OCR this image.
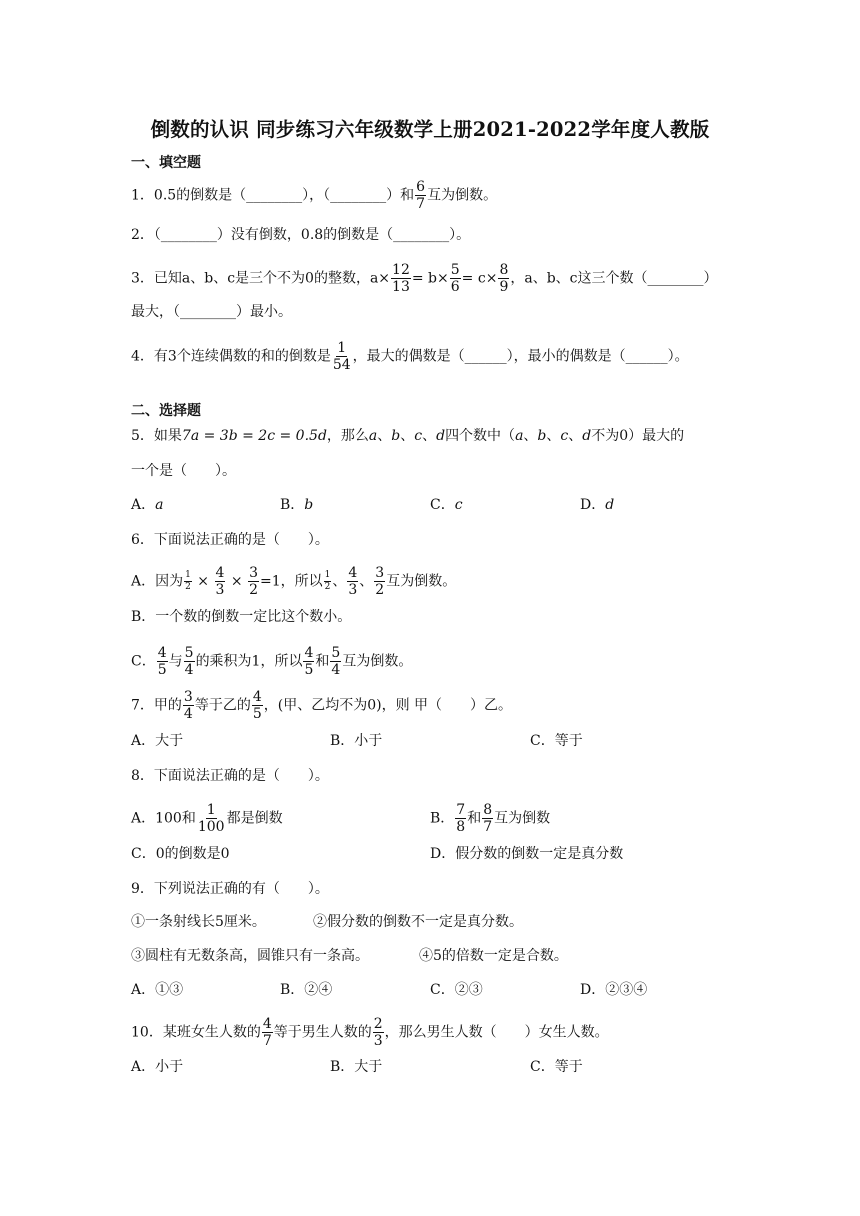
倒数的认识 同步练习六年级数学上册2021-2022学年度人教版
一、填空题
1．0.5的倒数是（________），（________）和 $\frac{6}{7}$ 互为倒数。
2．（________）没有倒数，0.8的倒数是（________）。
3．已知a、b、c是三个不为0的整数，$a\times \frac{12}{13} = b\times \frac{5}{6} = c\times \frac{8}{9}$ ，a、b、c这三个数（________）
最大，（________）最小。
4．有3个连续偶数的和的倒数是 $\frac{1}{54}$ ，最大的偶数是（______），最小的偶数是（______）。
二、选择题
5．如果7a = 3b = 2c = 0.5d，那么a、b、c、d四个数中（a、b、c、d不为0）最大的
一个是（　　）。
A．a	B．b	C．c	D．d
6．下面说法正确的是（　　）。
A．因为 $\frac{1}{2} \times \frac{4}{3} \times \frac{3}{2} =1$，所以 $\frac{1}{2}$ 、 $\frac{4}{3}$ 、 $\frac{3}{2}$ 互为倒数。
B．一个数的倒数一定比这个数小。
C． $\frac{4}{5}$ 与 $\frac{5}{4}$ 的乘积为1，所以 $\frac{4}{5}$ 和 $\frac{5}{4}$ 互为倒数。
7．甲的 $\frac{3}{4}$ 等于乙的 $\frac{4}{5}$ ，(甲、乙均不为0)，则 甲（　　）乙。
A．大于	B．小于	C．等于
8．下面说法正确的是（　　）。
A．100和 $\frac{1}{100}$ 都是倒数	B． $\frac{7}{8}$ 和 $\frac{8}{7}$ 互为倒数
C．0的倒数是0	D．假分数的倒数一定是真分数
9．下列说法正确的有（　　）。
①一条射线长5厘米。	②假分数的倒数不一定是真分数。
③圆柱有无数条高，圆锥只有一条高。	④5的倍数一定是合数。
A．①③	B．②④	C．②③	D．②③④
10．某班女生人数的 $\frac{4}{7}$ 等于男生人数的 $\frac{2}{3}$ ，那么男生人数（　　）女生人数。
A．小于	B．大于	C．等于
